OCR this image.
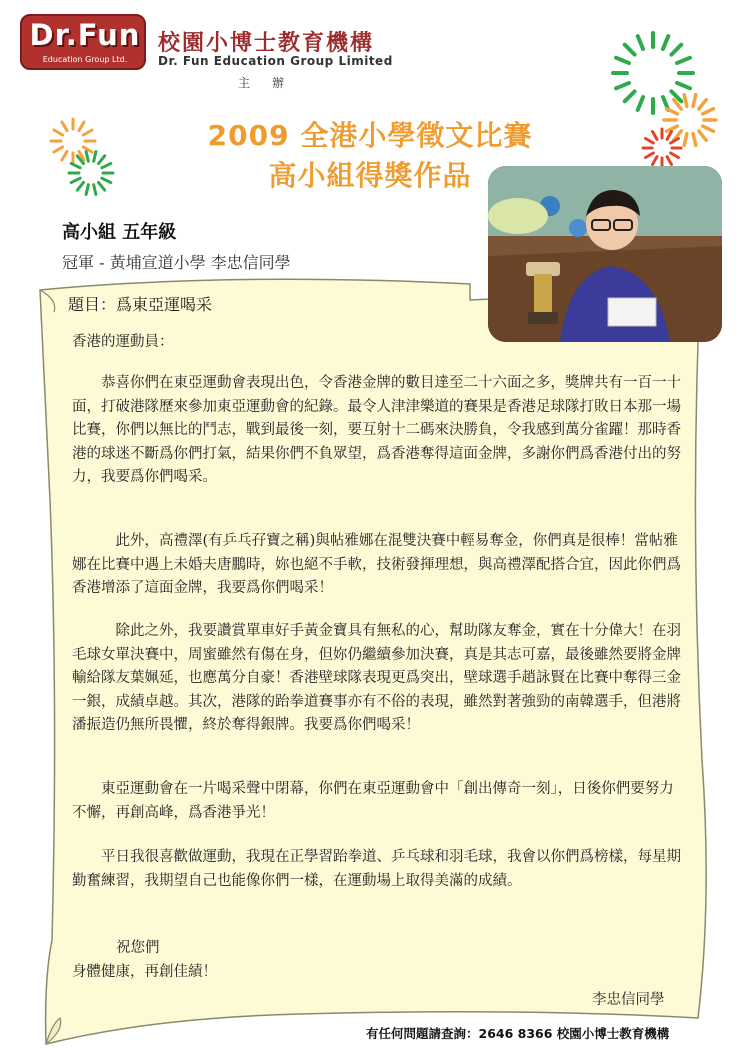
Dr.Fun
Education Group Ltd.
校園小博士教育機構
Dr. Fun Education Group Limited
主辦
2009 全港小學徵文比賽
高小組得獎作品
高小組 五年級
冠軍 - 黃埔宣道小學 李忠信同學
題目：爲東亞運喝采
香港的運動員：

恭喜你們在東亞運動會表現出色，令香港金牌的數目達至二十六面之多，獎牌共有一百一十面，打破港隊歷來參加東亞運動會的紀錄。最令人津津樂道的賽果是香港足球隊打敗日本那一場比賽，你們以無比的鬥志，戰到最後一刻，要互射十二碼來決勝負，令我感到萬分雀躍！那時香港的球迷不斷爲你們打氣，結果你們不負眾望，爲香港奪得這面金牌，多謝你們爲香港付出的努力，我要爲你們喝采。

此外，高禮澤(有乒乓孖寶之稱)與帖雅娜在混雙決賽中輕易奪金，你們真是很棒！當帖雅娜在比賽中遇上未婚夫唐鵬時，妳也絕不手軟，技術發揮理想，與高禮澤配搭合宜，因此你們爲香港增添了這面金牌，我要爲你們喝采！

除此之外，我要讚賞單車好手黃金寶具有無私的心，幫助隊友奪金，實在十分偉大！在羽毛球女單決賽中，周蜜雖然有傷在身，但妳仍繼續參加決賽，真是其志可嘉，最後雖然要將金牌輸給隊友葉姵延，也應萬分自豪！香港壁球隊表現更爲突出，壁球選手趙詠賢在比賽中奪得三金一銀，成績卓越。其次，港隊的跆拳道賽事亦有不俗的表現，雖然對著強勁的南韓選手，但港將潘振造仍無所畏懼，終於奪得銀牌。我要爲你們喝采！

東亞運動會在一片喝采聲中閉幕，你們在東亞運動會中「創出傳奇一刻」，日後你們要努力不懈，再創高峰，爲香港爭光！

平日我很喜歡做運動，我現在正學習跆拳道、乒乓球和羽毛球，我會以你們爲榜樣，每星期勤奮練習，我期望自己也能像你們一樣，在運動場上取得美滿的成績。

祝您們
身體健康，再創佳績！
李忠信同學
有任何問題請查詢：2646 8366 校園小博士教育機構
